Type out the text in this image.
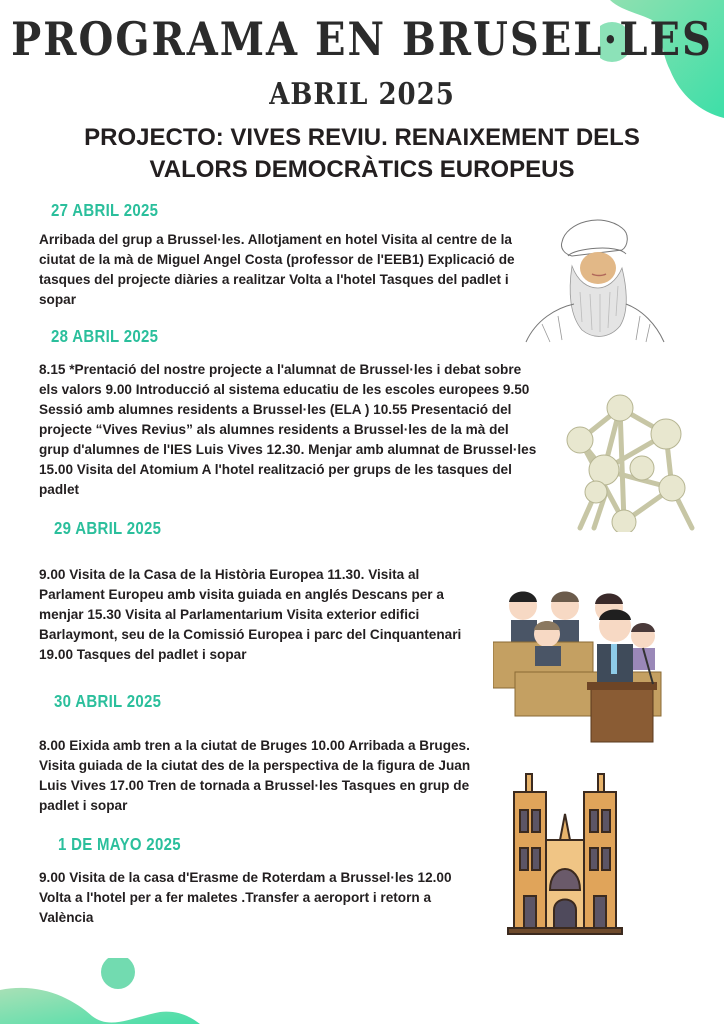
PROGRAMA EN BRUSEL·LES
ABRIL 2025
PROJECTO: VIVES REVIU. RENAIXEMENT DELS VALORS DEMOCRÀTICS EUROPEUS
27 ABRIL 2025
Arribada del grup a Brussel·les. Allotjament en hotel Visita al centre de la ciutat de la mà de Miguel Angel Costa (professor de l'EEB1) Explicació de tasques del projecte diàries a realitzar Volta a l'hotel Tasques del padlet i sopar
28 ABRIL 2025
8.15 *Prentació del nostre projecte a l'alumnat de Brussel·les i debat sobre els valors 9.00 Introducció al sistema educatiu de les escoles europees 9.50 Sessió amb alumnes residents a Brussel·les (ELA ) 10.55 Presentació del projecte “Vives Revius” als alumnes residents a Brussel·les de la mà del grup d'alumnes de l'IES Luis Vives 12.30. Menjar amb alumnat de Brussel·les 15.00 Visita del Atomium A l'hotel realització per grups de les tasques del padlet
29 ABRIL 2025
9.00 Visita de la Casa de la Història Europea 11.30. Visita al Parlament Europeu amb visita guiada en anglés Descans per a menjar 15.30 Visita al Parlamentarium Visita exterior edifici Barlaymont, seu de la Comissió Europea i parc del Cinquantenari 19.00 Tasques del padlet i sopar
30 ABRIL 2025
8.00 Eixida amb tren a la ciutat de Bruges 10.00 Arribada a Bruges. Visita guiada de la ciutat des de la perspectiva de la figura de Juan Luis Vives 17.00 Tren de tornada a Brussel·les Tasques en grup de padlet i sopar
1 DE MAYO 2025
9.00 Visita de la casa d'Erasme de Roterdam a Brussel·les 12.00 Volta a l'hotel per a fer maletes .Transfer a aeroport i retorn a València
